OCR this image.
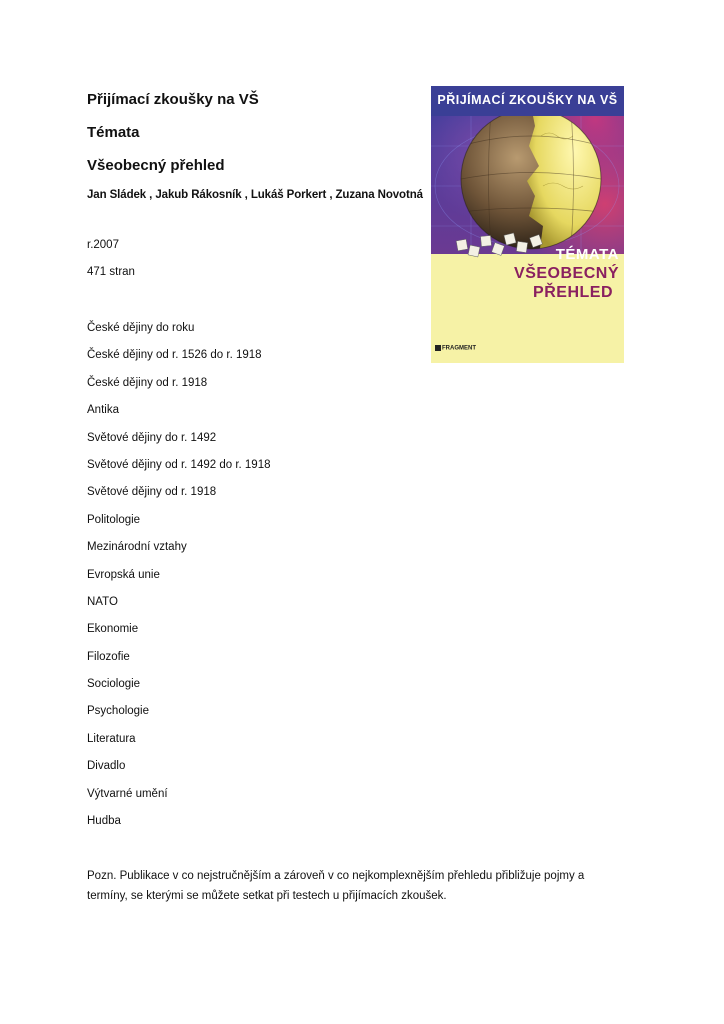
Přijímací zkoušky na VŠ
Témata
Všeobecný přehled
Jan Sládek , Jakub Rákosník , Lukáš Porkert , Zuzana Novotná
r.2007
471 stran
České dějiny do roku
České dějiny od r. 1526 do r. 1918
České dějiny od r. 1918
Antika
Světové dějiny do r. 1492
Světové dějiny od r. 1492 do r. 1918
Světové dějiny od r. 1918
Politologie
Mezinárodní vztahy
Evropská unie
NATO
Ekonomie
Filozofie
Sociologie
Psychologie
Literatura
Divadlo
Výtvarné umění
Hudba
Pozn. Publikace v co nejstručnějším a zároveň v co nejkomplexnějším přehledu přibližuje pojmy a termíny, se kterými se můžete setkat při testech u přijímacích zkoušek.
PŘIJÍMACÍ ZKOUŠKY NA VŠ
TÉMATA
VŠEOBECNÝ
PŘEHLED
FRAGMENT
